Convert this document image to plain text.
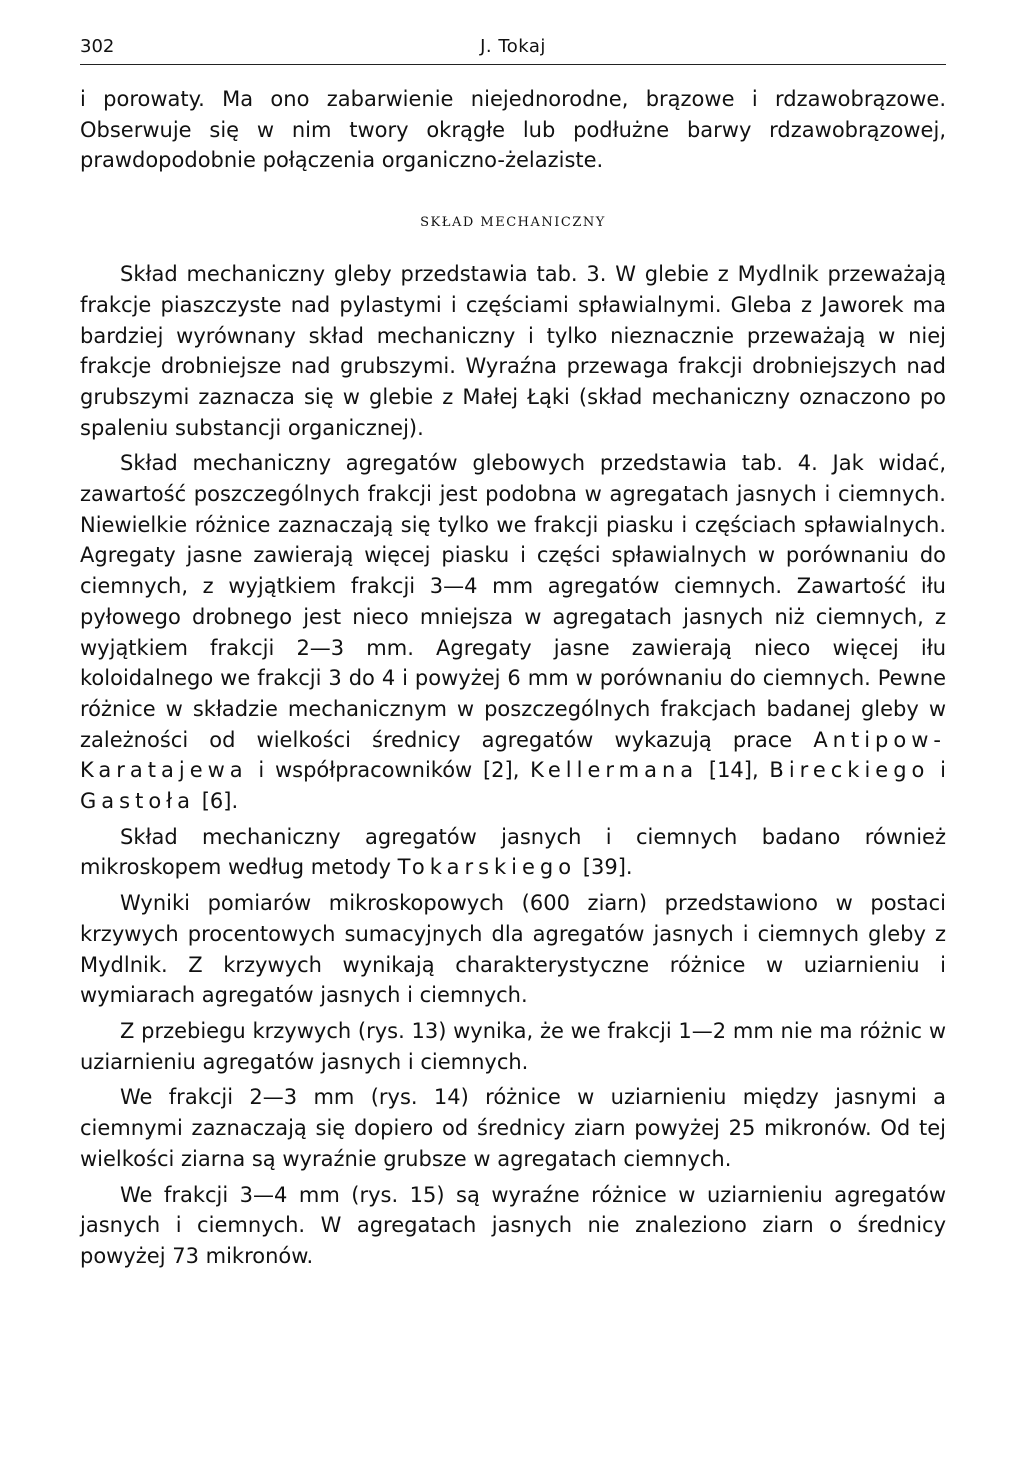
302	J. Tokaj

i porowaty. Ma ono zabarwienie niejednorodne, brązowe i rdzawobrązowe. Obserwuje się w nim twory okrągłe lub podłużne barwy rdzawobrązowej, prawdopodobnie połączenia organiczno-żelaziste.

SKŁAD MECHANICZNY

Skład mechaniczny gleby przedstawia tab. 3. W glebie z Mydlnik przeważają frakcje piaszczyste nad pylastymi i częściami spławialnymi. Gleba z Jaworek ma bardziej wyrównany skład mechaniczny i tylko nieznacznie przeważają w niej frakcje drobniejsze nad grubszymi. Wyraźna przewaga frakcji drobniejszych nad grubszymi zaznacza się w glebie z Małej Łąki (skład mechaniczny oznaczono po spaleniu substancji organicznej).

Skład mechaniczny agregatów glebowych przedstawia tab. 4. Jak widać, zawartość poszczególnych frakcji jest podobna w agregatach jasnych i ciemnych. Niewielkie różnice zaznaczają się tylko we frakcji piasku i częściach spławialnych. Agregaty jasne zawierają więcej piasku i części spławialnych w porównaniu do ciemnych, z wyjątkiem frakcji 3—4 mm agregatów ciemnych. Zawartość iłu pyłowego drobnego jest nieco mniejsza w agregatach jasnych niż ciemnych, z wyjątkiem frakcji 2—3 mm. Agregaty jasne zawierają nieco więcej iłu koloidalnego we frakcji 3 do 4 i powyżej 6 mm w porównaniu do ciemnych. Pewne różnice w składzie mechanicznym w poszczególnych frakcjach badanej gleby w zależności od wielkości średnicy agregatów wykazują prace Antipow-Karatajewa i współpracowników [2], Kellermana [14], Bireckiego i Gastoła [6].

Skład mechaniczny agregatów jasnych i ciemnych badano również mikroskopem według metody Tokarskiego [39].

Wyniki pomiarów mikroskopowych (600 ziarn) przedstawiono w postaci krzywych procentowych sumacyjnych dla agregatów jasnych i ciemnych gleby z Mydlnik. Z krzywych wynikają charakterystyczne różnice w uziarnieniu i wymiarach agregatów jasnych i ciemnych.

Z przebiegu krzywych (rys. 13) wynika, że we frakcji 1—2 mm nie ma różnic w uziarnieniu agregatów jasnych i ciemnych.

We frakcji 2—3 mm (rys. 14) różnice w uziarnieniu między jasnymi a ciemnymi zaznaczają się dopiero od średnicy ziarn powyżej 25 mikronów. Od tej wielkości ziarna są wyraźnie grubsze w agregatach ciemnych.

We frakcji 3—4 mm (rys. 15) są wyraźne różnice w uziarnieniu agregatów jasnych i ciemnych. W agregatach jasnych nie znaleziono ziarn o średnicy powyżej 73 mikronów.
